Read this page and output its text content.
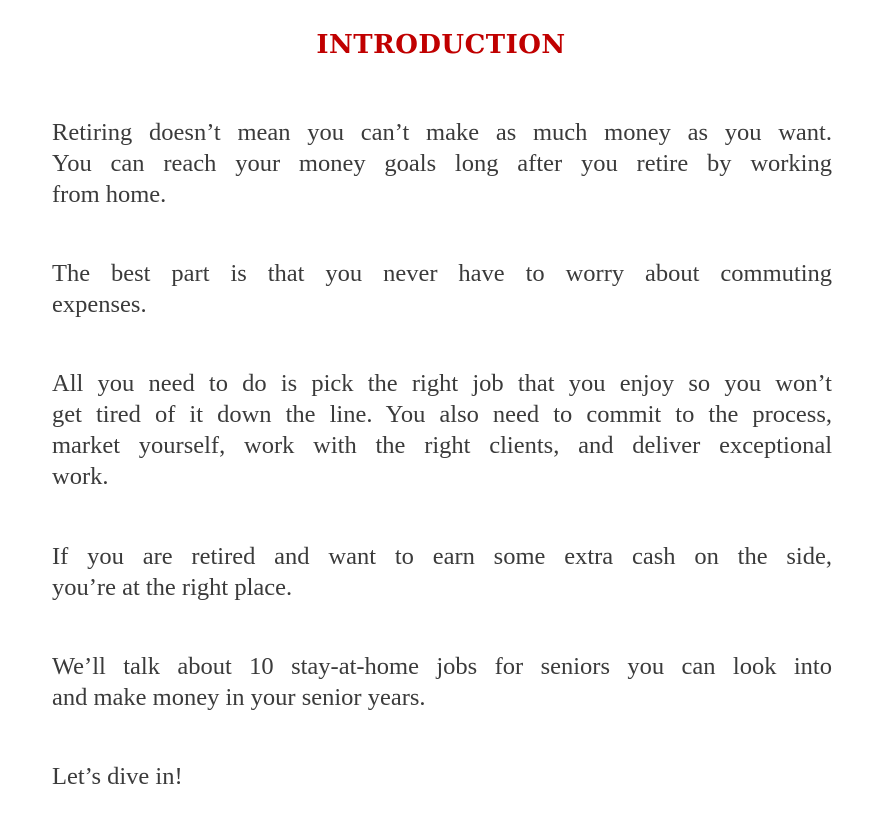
INTRODUCTION

Retiring doesn’t mean you can’t make as much money as you want.
You can reach your money goals long after you retire by working
from home.

The best part is that you never have to worry about commuting
expenses.

All you need to do is pick the right job that you enjoy so you won’t
get tired of it down the line. You also need to commit to the process,
market yourself, work with the right clients, and deliver exceptional
work.

If you are retired and want to earn some extra cash on the side,
you’re at the right place.

We’ll talk about 10 stay-at-home jobs for seniors you can look into
and make money in your senior years.

Let’s dive in!
